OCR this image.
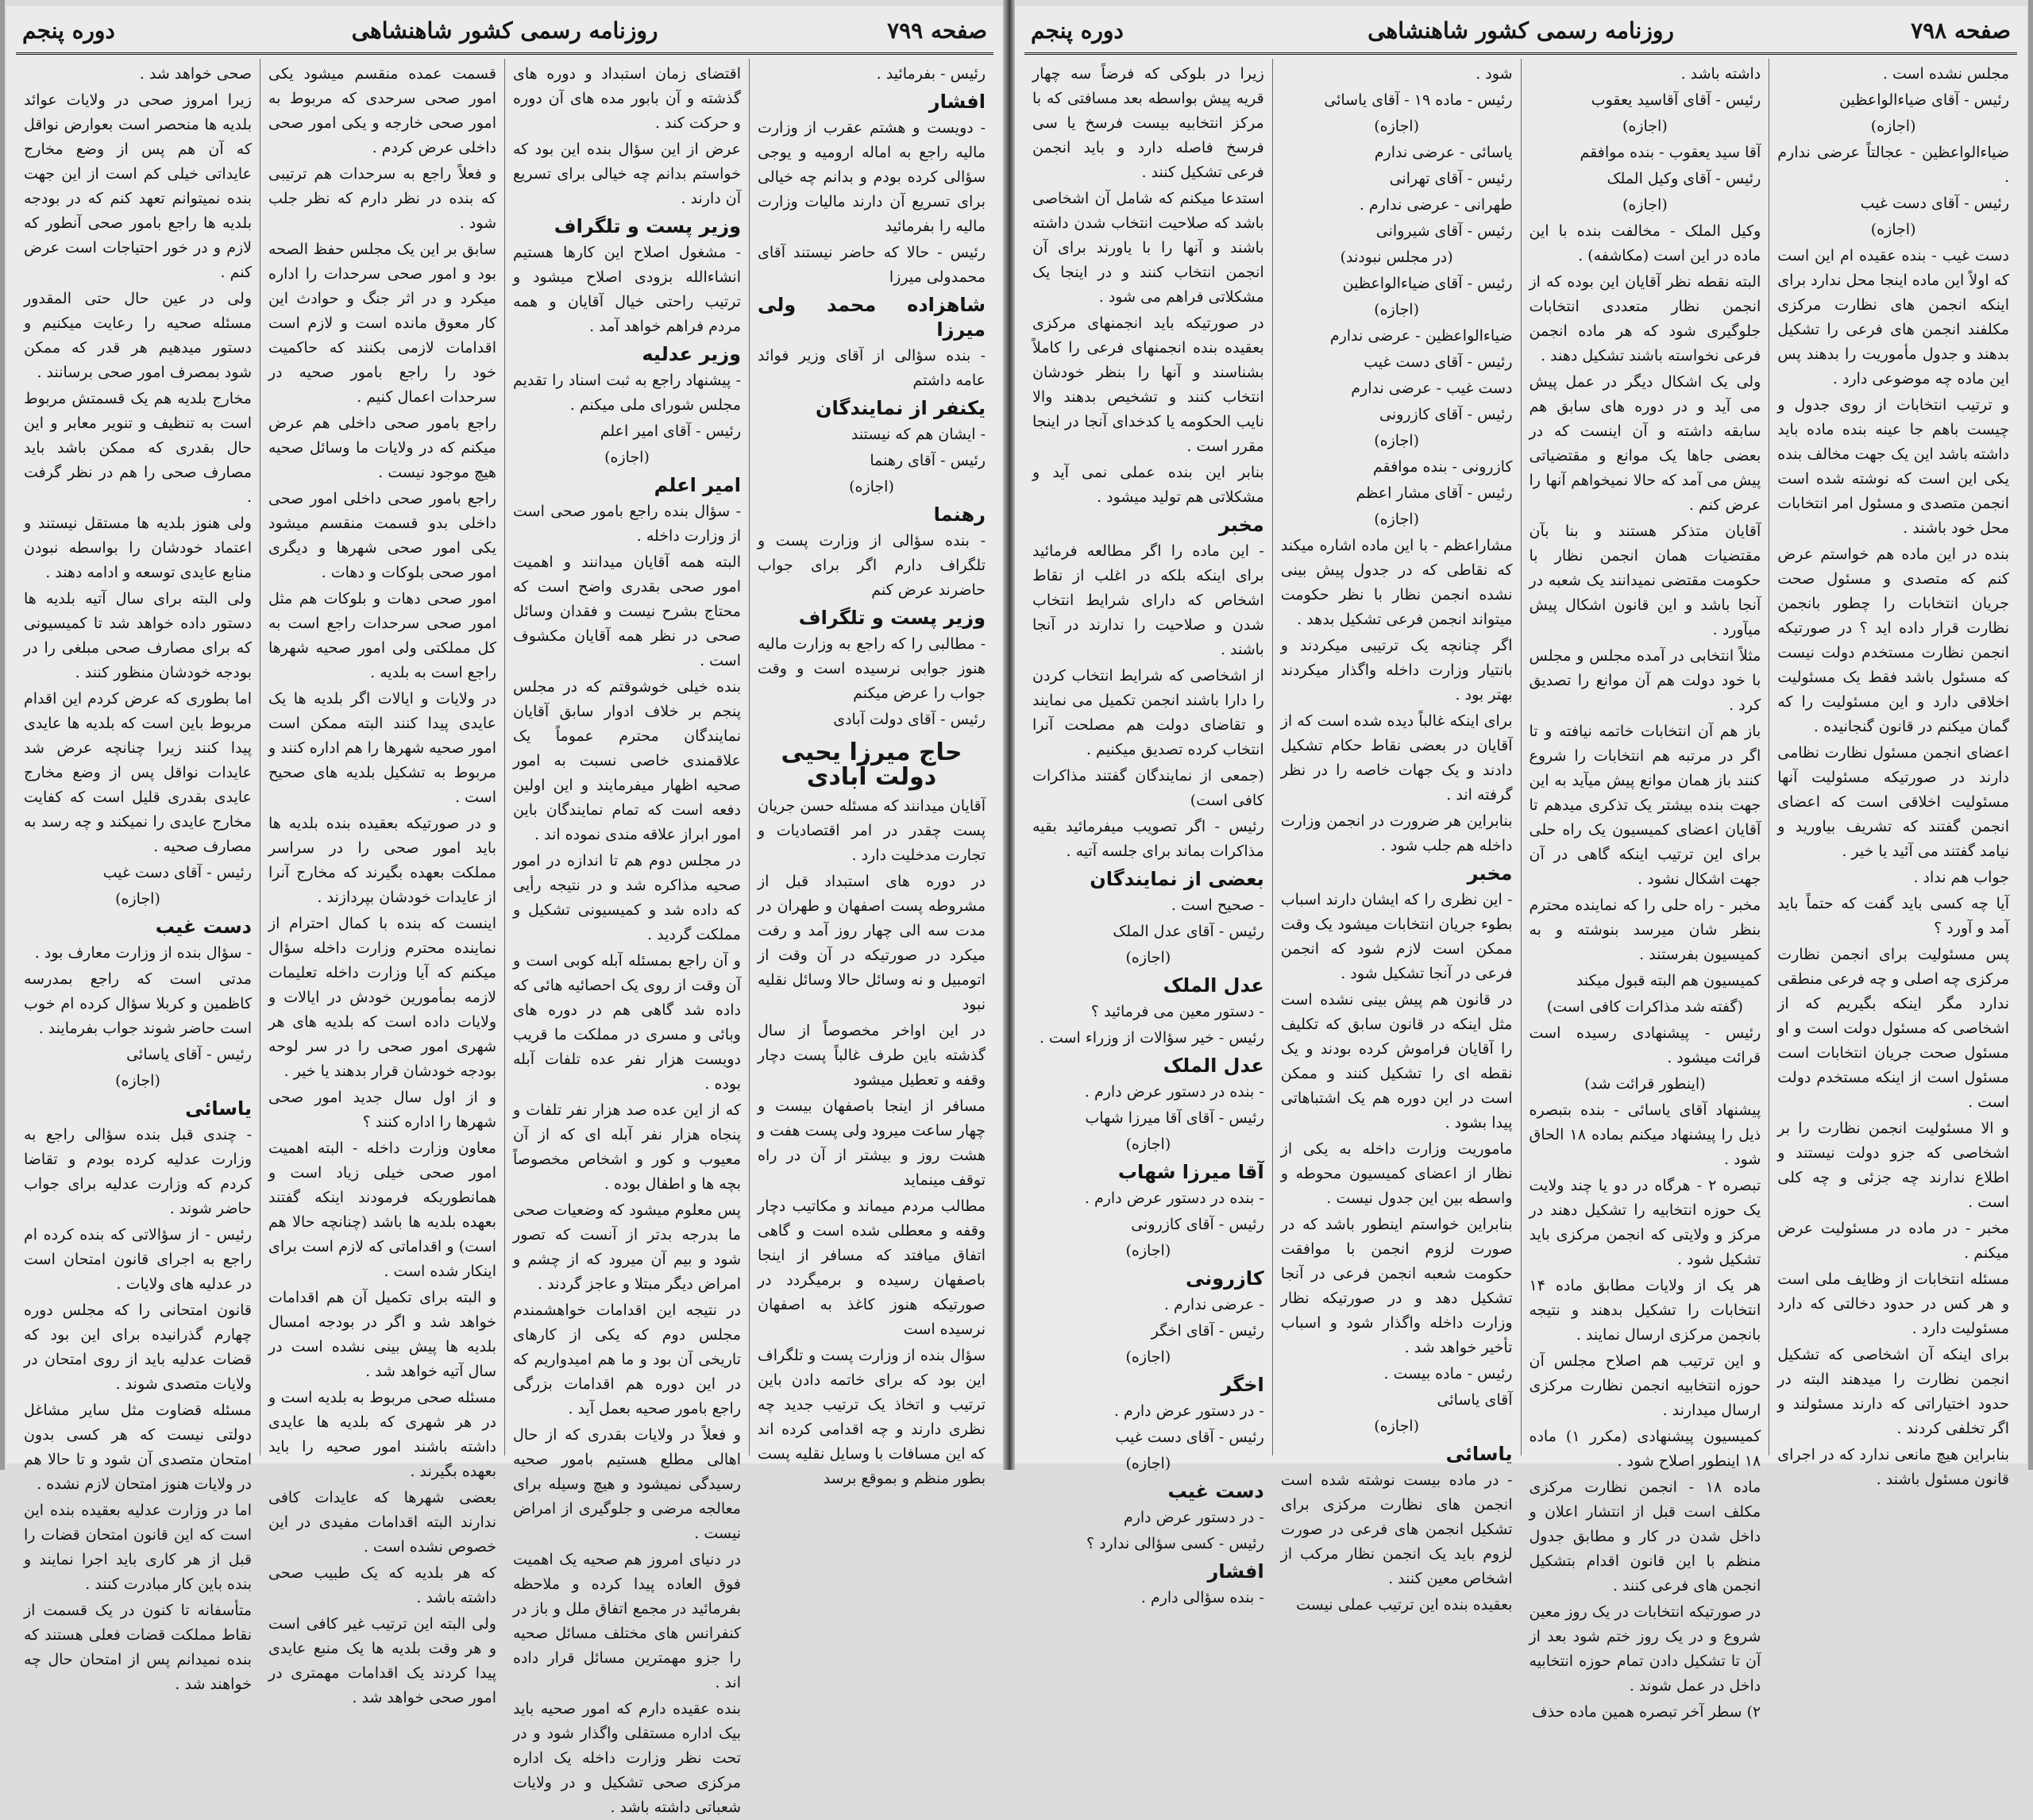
صفحه ۷۹۹
روزنامه رسمی کشور شاهنشاهی
دوره پنجم
رئیس - بفرمائید .
افشار
- دویست و هشتم عقرب از وزارت مالیه راجع به اماله ارومیه و یوجی سؤالی کرده بودم و بدانم چه خیالی برای تسریع آن دارند مالیات وزارت مالیه را بفرمائید
رئیس - حالا که حاضر نیستند آقای محمدولی میرزا
شاهزاده محمد ولی میرزا
- بنده سؤالی از آقای وزیر فوائد عامه داشتم
یکنفر از نمایندگان
- ایشان هم که نیستند
رئیس - آقای رهنما
(اجازه)
رهنما
- بنده سؤالی از وزارت پست و تلگراف دارم اگر برای جواب حاضرند عرض کنم
وزیر پست و تلگراف
- مطالبی را که راجع به وزارت مالیه هنوز جوابی نرسیده است و وقت جواب را عرض میکنم
رئیس - آقای دولت آبادی
حاج میرزا یحیی دولت آبادی
آقایان میدانند که مسئله حسن جریان پست چقدر در امر اقتصادیات و تجارت مدخلیت دارد .
در دوره های استبداد قبل از مشروطه پست اصفهان و طهران در مدت سه الی چهار روز آمد و رفت میکرد در صورتیکه در آن وقت از اتومبیل و نه وسائل حالا وسائل نقلیه نبود
در این اواخر مخصوصاً از سال گذشته باین طرف غالباً پست دچار وقفه و تعطیل میشود
مسافر از اینجا باصفهان بیست و چهار ساعت میرود ولی پست هفت و هشت روز و بیشتر از آن در راه توقف مینماید
مطالب مردم میماند و مکاتیب دچار وقفه و معطلی شده است و گاهی اتفاق میافتد که مسافر از اینجا باصفهان رسیده و برمیگردد در صورتیکه هنوز کاغذ به اصفهان نرسیده است
سؤال بنده از وزارت پست و تلگراف این بود که برای خاتمه دادن باین ترتیب و اتخاذ یک ترتیب جدید چه نظری دارند و چه اقدامی کرده اند که این مسافات با وسایل نقلیه پست بطور منظم و بموقع برسد
اقتضای زمان استبداد و دوره های گذشته و آن بابور مده های آن دوره و حرکت کند .
عرض از این سؤال بنده این بود که خواستم بدانم چه خیالی برای تسریع آن دارند .
وزیر پست و تلگراف
- مشغول اصلاح این کارها هستیم انشاءالله بزودی اصلاح میشود و ترتیب راحتی خیال آقایان و همه مردم فراهم خواهد آمد .
وزیر عدلیه
- پیشنهاد راجع به ثبت اسناد را تقدیم مجلس شورای ملی میکنم .
رئیس - آقای امیر اعلم
(اجازه)
امیر اعلم
- سؤال بنده راجع بامور صحی است از وزارت داخله .
البته همه آقایان میدانند و اهمیت امور صحی بقدری واضح است که محتاج بشرح نیست و فقدان وسائل صحی در نظر همه آقایان مکشوف است .
بنده خیلی خوشوقتم که در مجلس پنجم بر خلاف ادوار سابق آقایان نمایندگان محترم عموماً یک علاقمندی خاصی نسبت به امور صحیه اظهار میفرمایند و این اولین دفعه است که تمام نمایندگان باین امور ابراز علاقه مندی نموده اند .
در مجلس دوم هم تا اندازه در امور صحیه مذاکره شد و در نتیجه رأیی که داده شد و کمیسیونی تشکیل و مملکت گردید .
و آن راجع بمسئله آبله کوبی است و آن وقت از روی یک احصائیه هائی که داده شد گاهی هم در دوره های وبائی و مسری در مملکت ما قریب دویست هزار نفر عده تلفات آبله بوده .
که از این عده صد هزار نفر تلفات و پنجاه هزار نفر آبله ای که از آن معیوب و کور و اشخاص مخصوصاً بچه ها و اطفال بوده .
پس معلوم میشود که وضعیات صحی ما بدرجه بدتر از آنست که تصور شود و بیم آن میرود که از چشم و امراض دیگر مبتلا و عاجز گردند .
در نتیجه این اقدامات خواهشمندم مجلس دوم که یکی از کارهای تاریخی آن بود و ما هم امیدواریم که در این دوره هم اقدامات بزرگی راجع بامور صحیه بعمل آید .
و فعلاً در ولایات بقدری که از حال اهالی مطلع هستیم بامور صحیه رسیدگی نمیشود و هیچ وسیله برای معالجه مرضی و جلوگیری از امراض نیست .
در دنیای امروز هم صحیه یک اهمیت فوق العاده پیدا کرده و ملاحظه بفرمائید در مجمع اتفاق ملل و باز در کنفرانس های مختلف مسائل صحیه را جزو مهمترین مسائل قرار داده اند .
بنده عقیده دارم که امور صحیه باید بیک اداره مستقلی واگذار شود و در تحت نظر وزارت داخله یک اداره مرکزی صحی تشکیل و در ولایات شعباتی داشته باشد .
قسمت عمده منقسم میشود یکی امور صحی سرحدی که مربوط به امور صحی خارجه و یکی امور صحی داخلی عرض کردم .
و فعلاً راجع به سرحدات هم ترتیبی که بنده در نظر دارم که نظر جلب شود .
سابق بر این یک مجلس حفظ الصحه بود و امور صحی سرحدات را اداره میکرد و در اثر جنگ و حوادث این کار معوق مانده است و لازم است اقدامات لازمی بکنند که حاکمیت خود را راجع بامور صحیه در سرحدات اعمال کنیم .
راجع بامور صحی داخلی هم عرض میکنم که در ولایات ما وسائل صحیه هیچ موجود نیست .
راجع بامور صحی داخلی امور صحی داخلی بدو قسمت منقسم میشود یکی امور صحی شهرها و دیگری امور صحی بلوکات و دهات .
امور صحی دهات و بلوکات هم مثل امور صحی سرحدات راجع است به کل مملکتی ولی امور صحیه شهرها راجع است به بلدیه .
در ولایات و ایالات اگر بلدیه ها یک عایدی پیدا کنند البته ممکن است امور صحیه شهرها را هم اداره کنند و مربوط به تشکیل بلدیه های صحیح است .
و در صورتیکه بعقیده بنده بلدیه ها باید امور صحی را در سراسر مملکت بعهده بگیرند که مخارج آنرا از عایدات خودشان بپردازند .
اینست که بنده با کمال احترام از نماینده محترم وزارت داخله سؤال میکنم که آیا وزارت داخله تعلیمات لازمه بمأمورین خودش در ایالات و ولایات داده است که بلدیه های هر شهری امور صحی را در سر لوحه بودجه خودشان قرار بدهند یا خیر .
و از اول سال جدید امور صحی شهرها را اداره کنند ؟
معاون وزارت داخله - البته اهمیت امور صحی خیلی زیاد است و همانطوریکه فرمودند اینکه گفتند بعهده بلدیه ها باشد (چنانچه حالا هم است) و اقداماتی که لازم است برای اینکار شده است .
و البته برای تکمیل آن هم اقدامات خواهد شد و اگر در بودجه امسال بلدیه ها پیش بینی نشده است در سال آتیه خواهد شد .
مسئله صحی مربوط به بلدیه است و در هر شهری که بلدیه ها عایدی داشته باشند امور صحیه را باید بعهده بگیرند .
بعضی شهرها که عایدات کافی ندارند البته اقدامات مفیدی در این خصوص نشده است .
که هر بلدیه که یک طبیب صحی داشته باشد .
ولی البته این ترتیب غیر کافی است و هر وقت بلدیه ها یک منبع عایدی پیدا کردند یک اقدامات مهمتری در امور صحی خواهد شد .
صحی خواهد شد .
زیرا امروز صحی در ولایات عوائد بلدیه ها منحصر است بعوارض نواقل که آن هم پس از وضع مخارج عایداتی خیلی کم است از این جهت بنده نمیتوانم تعهد کنم که در بودجه بلدیه ها راجع بامور صحی آنطور که لازم و در خور احتیاجات است عرض کنم .
ولی در عین حال حتی المقدور مسئله صحیه را رعایت میکنیم و دستور میدهیم هر قدر که ممکن شود بمصرف امور صحی برسانند .
مخارج بلدیه هم یک قسمتش مربوط است به تنظیف و تنویر معابر و این حال بقدری که ممکن باشد باید مصارف صحی را هم در نظر گرفت .
ولی هنوز بلدیه ها مستقل نیستند و اعتماد خودشان را بواسطه نبودن منابع عایدی توسعه و ادامه دهند .
ولی البته برای سال آتیه بلدیه ها دستور داده خواهد شد تا کمیسیونی که برای مصارف صحی مبلغی را در بودجه خودشان منظور کنند .
اما بطوری که عرض کردم این اقدام مربوط باین است که بلدیه ها عایدی پیدا کنند زیرا چنانچه عرض شد عایدات نواقل پس از وضع مخارج عایدی بقدری قلیل است که کفایت مخارج عایدی را نمیکند و چه رسد به مصارف صحیه .
رئیس - آقای دست غیب
(اجازه)
دست غیب
- سؤال بنده از وزارت معارف بود .
مدتی است که راجع بمدرسه کاظمین و کربلا سؤال کرده ام خوب است حاضر شوند جواب بفرمایند .
رئیس - آقای یاسائی
(اجازه)
یاسائی
- چندی قبل بنده سؤالی راجع به وزارت عدلیه کرده بودم و تقاضا کردم که وزارت عدلیه برای جواب حاضر شوند .
رئیس - از سؤالاتی که بنده کرده ام راجع به اجرای قانون امتحان است در عدلیه های ولایات .
قانون امتحانی را که مجلس دوره چهارم گذرانیده برای این بود که قضات عدلیه باید از روی امتحان در ولایات متصدی شوند .
مسئله قضاوت مثل سایر مشاغل دولتی نیست که هر کسی بدون امتحان متصدی آن شود و تا حالا هم در ولایات هنوز امتحان لازم نشده .
اما در وزارت عدلیه بعقیده بنده این است که این قانون امتحان قضات را قبل از هر کاری باید اجرا نمایند و بنده باین کار مبادرت کنند .
متأسفانه تا کنون در یک قسمت از نقاط مملکت قضات فعلی هستند که بنده نمیدانم پس از امتحان حال چه خواهند شد .
صفحه ۷۹۸
روزنامه رسمی کشور شاهنشاهی
دوره پنجم
مجلس نشده است .
رئیس - آقای ضیاءالواعظین
(اجازه)
ضیاءالواعظین - عجالتاً عرضی ندارم .
رئیس - آقای دست غیب
(اجازه)
دست غیب - بنده عقیده ام این است که اولاً این ماده اینجا محل ندارد برای اینکه انجمن های نظارت مرکزی مکلفند انجمن های فرعی را تشکیل بدهند و جدول مأموریت را بدهند پس این ماده چه موضوعی دارد .
و ترتیب انتخابات از روی جدول و چیست باهم جا عینه بنده ماده باید داشته باشد این یک جهت مخالف بنده یکی این است که نوشته شده است انجمن متصدی و مسئول امر انتخابات محل خود باشند .
بنده در این ماده هم خواستم عرض کنم که متصدی و مسئول صحت جریان انتخابات را چطور بانجمن نظارت قرار داده اید ؟ در صورتیکه انجمن نظارت مستخدم دولت نیست که مسئول باشد فقط یک مسئولیت اخلاقی دارد و این مسئولیت را که گمان میکنم در قانون گنجانیده .
اعضای انجمن مسئول نظارت نظامی دارند در صورتیکه مسئولیت آنها مسئولیت اخلاقی است که اعضای انجمن گفتند که تشریف بیاورید و نیامد گفتند می آئید یا خیر .
جواب هم نداد .
آیا چه کسی باید گفت که حتماً باید آمد و آورد ؟
پس مسئولیت برای انجمن نظارت مرکزی چه اصلی و چه فرعی منطقی ندارد مگر اینکه بگیریم که از اشخاصی که مسئول دولت است و او مسئول صحت جریان انتخابات است مسئول است از اینکه مستخدم دولت است .
و الا مسئولیت انجمن نظارت را بر اشخاصی که جزو دولت نیستند و اطلاع ندارند چه جزئی و چه کلی است .
مخبر - در ماده در مسئولیت عرض میکنم .
مسئله انتخابات از وظایف ملی است و هر کس در حدود دخالتی که دارد مسئولیت دارد .
برای اینکه آن اشخاصی که تشکیل انجمن نظارت را میدهند البته در حدود اختیاراتی که دارند مسئولند و اگر تخلفی کردند .
بنابراین هیچ مانعی ندارد که در اجرای قانون مسئول باشند .
داشته باشد .
رئیس - آقای آقاسید یعقوب
(اجازه)
آقا سید یعقوب - بنده موافقم
رئیس - آقای وکیل الملک
(اجازه)
وکیل الملک - مخالفت بنده با این ماده در این است (مکاشفه) .
البته نقطه نظر آقایان این بوده که از انجمن نظار متعددی انتخابات جلوگیری شود که هر ماده انجمن فرعی نخواسته باشند تشکیل دهند .
ولی یک اشکال دیگر در عمل پیش می آید و در دوره های سابق هم سابقه داشته و آن اینست که در بعضی جاها یک موانع و مقتضیاتی پیش می آمد که حالا نمیخواهم آنها را عرض کنم .
آقایان متذکر هستند و بنا بآن مقتضیات همان انجمن نظار با حکومت مقتضی نمیدانند یک شعبه در آنجا باشد و این قانون اشکال پیش میآورد .
مثلاً انتخابی در آمده مجلس و مجلس با خود دولت هم آن موانع را تصدیق کرد .
باز هم آن انتخابات خاتمه نیافته و تا اگر در مرتبه هم انتخابات را شروع کنند باز همان موانع پیش میآید به این جهت بنده بیشتر یک تذکری میدهم تا آقایان اعضای کمیسیون یک راه حلی برای این ترتیب اینکه گاهی در آن جهت اشکال نشود .
مخبر - راه حلی را که نماینده محترم بنظر شان میرسد بنوشته و به کمیسیون بفرستند .
کمیسیون هم البته قبول میکند
(گفته شد مذاکرات کافی است)
رئیس - پیشنهادی رسیده است قرائت میشود .
(اینطور قرائت شد)
پیشنهاد آقای یاسائی - بنده بتبصره ذیل را پیشنهاد میکنم بماده ۱۸ الحاق شود .
تبصره ۲ - هرگاه در دو یا چند ولایت یک حوزه انتخابیه را تشکیل دهند در مرکز و ولایتی که انجمن مرکزی باید تشکیل شود .
هر یک از ولایات مطابق ماده ۱۴ انتخابات را تشکیل بدهند و نتیجه بانجمن مرکزی ارسال نمایند .
و این ترتیب هم اصلاح مجلس آن حوزه انتخابیه انجمن نظارت مرکزی ارسال میدارند .
کمیسیون پیشنهادی (مکرر ۱) ماده ۱۸ اینطور اصلاح شود .
ماده ۱۸ - انجمن نظارت مرکزی مکلف است قبل از انتشار اعلان و داخل شدن در کار و مطابق جدول منظم با این قانون اقدام بتشکیل انجمن های فرعی کنند .
در صورتیکه انتخابات در یک روز معین شروع و در یک روز ختم شود بعد از آن تا تشکیل دادن تمام حوزه انتخابیه داخل در عمل شوند .
۲) سطر آخر تبصره همین ماده حذف
شود .
رئیس - ماده ۱۹ - آقای یاسائی
(اجازه)
یاسائی - عرضی ندارم
رئیس - آقای تهرانی
طهرانی - عرضی ندارم .
رئیس - آقای شیروانی
(در مجلس نبودند)
رئیس - آقای ضیاءالواعظین
(اجازه)
ضیاءالواعظین - عرضی ندارم
رئیس - آقای دست غیب
دست غیب - عرضی ندارم
رئیس - آقای کازرونی
(اجازه)
کازرونی - بنده موافقم
رئیس - آقای مشار اعظم
(اجازه)
مشاراعظم - با این ماده اشاره میکند که نقاطی که در جدول پیش بینی نشده انجمن نظار با نظر حکومت میتواند انجمن فرعی تشکیل بدهد .
اگر چنانچه یک ترتیبی میکردند و بانتیار وزارت داخله واگذار میکردند بهتر بود .
برای اینکه غالباً دیده شده است که از آقایان در بعضی نقاط حکام تشکیل دادند و یک جهات خاصه را در نظر گرفته اند .
بنابراین هر ضرورت در انجمن وزارت داخله هم جلب شود .
مخبر
- این نظری را که ایشان دارند اسباب بطوء جریان انتخابات میشود یک وقت ممکن است لازم شود که انجمن فرعی در آنجا تشکیل شود .
در قانون هم پیش بینی نشده است مثل اینکه در قانون سابق که تکلیف را آقایان فراموش کرده بودند و یک نقطه ای را تشکیل کنند و ممکن است در این دوره هم یک اشتباهاتی پیدا بشود .
ماموریت وزارت داخله به یکی از نظار از اعضای کمیسیون محوطه و واسطه بین این جدول نیست .
بنابراین خواستم اینطور باشد که در صورت لزوم انجمن با موافقت حکومت شعبه انجمن فرعی در آنجا تشکیل دهد و در صورتیکه نظار وزارت داخله واگذار شود و اسباب تأخیر خواهد شد .
رئیس - ماده بیست .
آقای یاسائی
(اجازه)
یاسائی
- در ماده بیست نوشته شده است انجمن های نظارت مرکزی برای تشکیل انجمن های فرعی در صورت لزوم باید یک انجمن نظار مرکب از اشخاص معین کنند .
بعقیده بنده این ترتیب عملی نیست
زیرا در بلوکی که فرضاً سه چهار قریه پیش بواسطه بعد مسافتی که با مرکز انتخابیه بیست فرسخ یا سی فرسخ فاصله دارد و باید انجمن فرعی تشکیل کنند .
استدعا میکنم که شامل آن اشخاصی باشد که صلاحیت انتخاب شدن داشته باشند و آنها را با یاورند برای آن انجمن انتخاب کنند و در اینجا یک مشکلاتی فراهم می شود .
در صورتیکه باید انجمنهای مرکزی بعقیده بنده انجمنهای فرعی را کاملاً بشناسند و آنها را بنظر خودشان انتخاب کنند و تشخیص بدهند والا نایب الحکومه یا کدخدای آنجا در اینجا مقرر است .
بنابر این بنده عملی نمی آید و مشکلاتی هم تولید میشود .
مخبر
- این ماده را اگر مطالعه فرمائید برای اینکه بلکه در اغلب از نقاط اشخاص که دارای شرایط انتخاب شدن و صلاحیت را ندارند در آنجا باشند .
از اشخاصی که شرایط انتخاب کردن را دارا باشند انجمن تکمیل می نمایند و تقاضای دولت هم مصلحت آنرا انتخاب کرده تصدیق میکنیم .
(جمعی از نمایندگان گفتند مذاکرات کافی است)
رئیس - اگر تصویب میفرمائید بقیه مذاکرات بماند برای جلسه آتیه .
بعضی از نمایندگان
- صحیح است .
رئیس - آقای عدل الملک
(اجازه)
عدل الملک
- دستور معین می فرمائید ؟
رئیس - خیر سؤالات از وزراء است .
عدل الملک
- بنده در دستور عرض دارم .
رئیس - آقای آقا میرزا شهاب
(اجازه)
آقا میرزا شهاب
- بنده در دستور عرض دارم .
رئیس - آقای کازرونی
(اجازه)
کازرونی
- عرضی ندارم .
رئیس - آقای اخگر
(اجازه)
اخگر
- در دستور عرض دارم .
رئیس - آقای دست غیب
(اجازه)
دست غیب
- در دستور عرض دارم
رئیس - کسی سؤالی ندارد ؟
افشار
- بنده سؤالی دارم .
